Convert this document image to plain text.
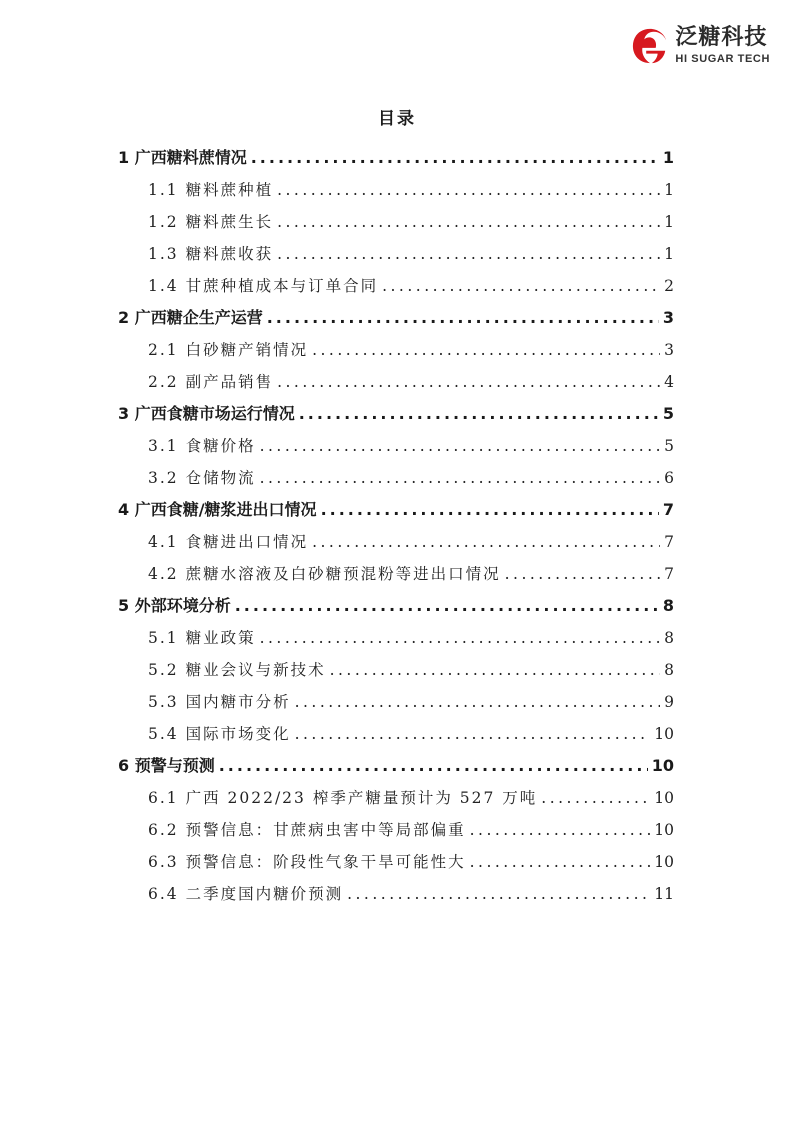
泛糖科技
HI SUGAR TECH
目录
1 广西糖料蔗情况 .....	1
1.1 糖料蔗种植 .....	1
1.2 糖料蔗生长 .....	1
1.3 糖料蔗收获 .....	1
1.4 甘蔗种植成本与订单合同 .....	2
2 广西糖企生产运营 .....	3
2.1 白砂糖产销情况 .....	3
2.2 副产品销售 .....	4
3 广西食糖市场运行情况 .....	5
3.1 食糖价格 .....	5
3.2 仓储物流 .....	6
4 广西食糖/糖浆进出口情况 .....	7
4.1 食糖进出口情况 .....	7
4.2 蔗糖水溶液及白砂糖预混粉等进出口情况 .....	7
5 外部环境分析 .....	8
5.1 糖业政策 .....	8
5.2 糖业会议与新技术 .....	8
5.3 国内糖市分析 .....	9
5.4 国际市场变化 .....	10
6 预警与预测 .....	10
6.1 广西 2022/23 榨季产糖量预计为 527 万吨 .....	10
6.2 预警信息：甘蔗病虫害中等局部偏重 .....	10
6.3 预警信息：阶段性气象干旱可能性大 .....	10
6.4 二季度国内糖价预测 .....	11
